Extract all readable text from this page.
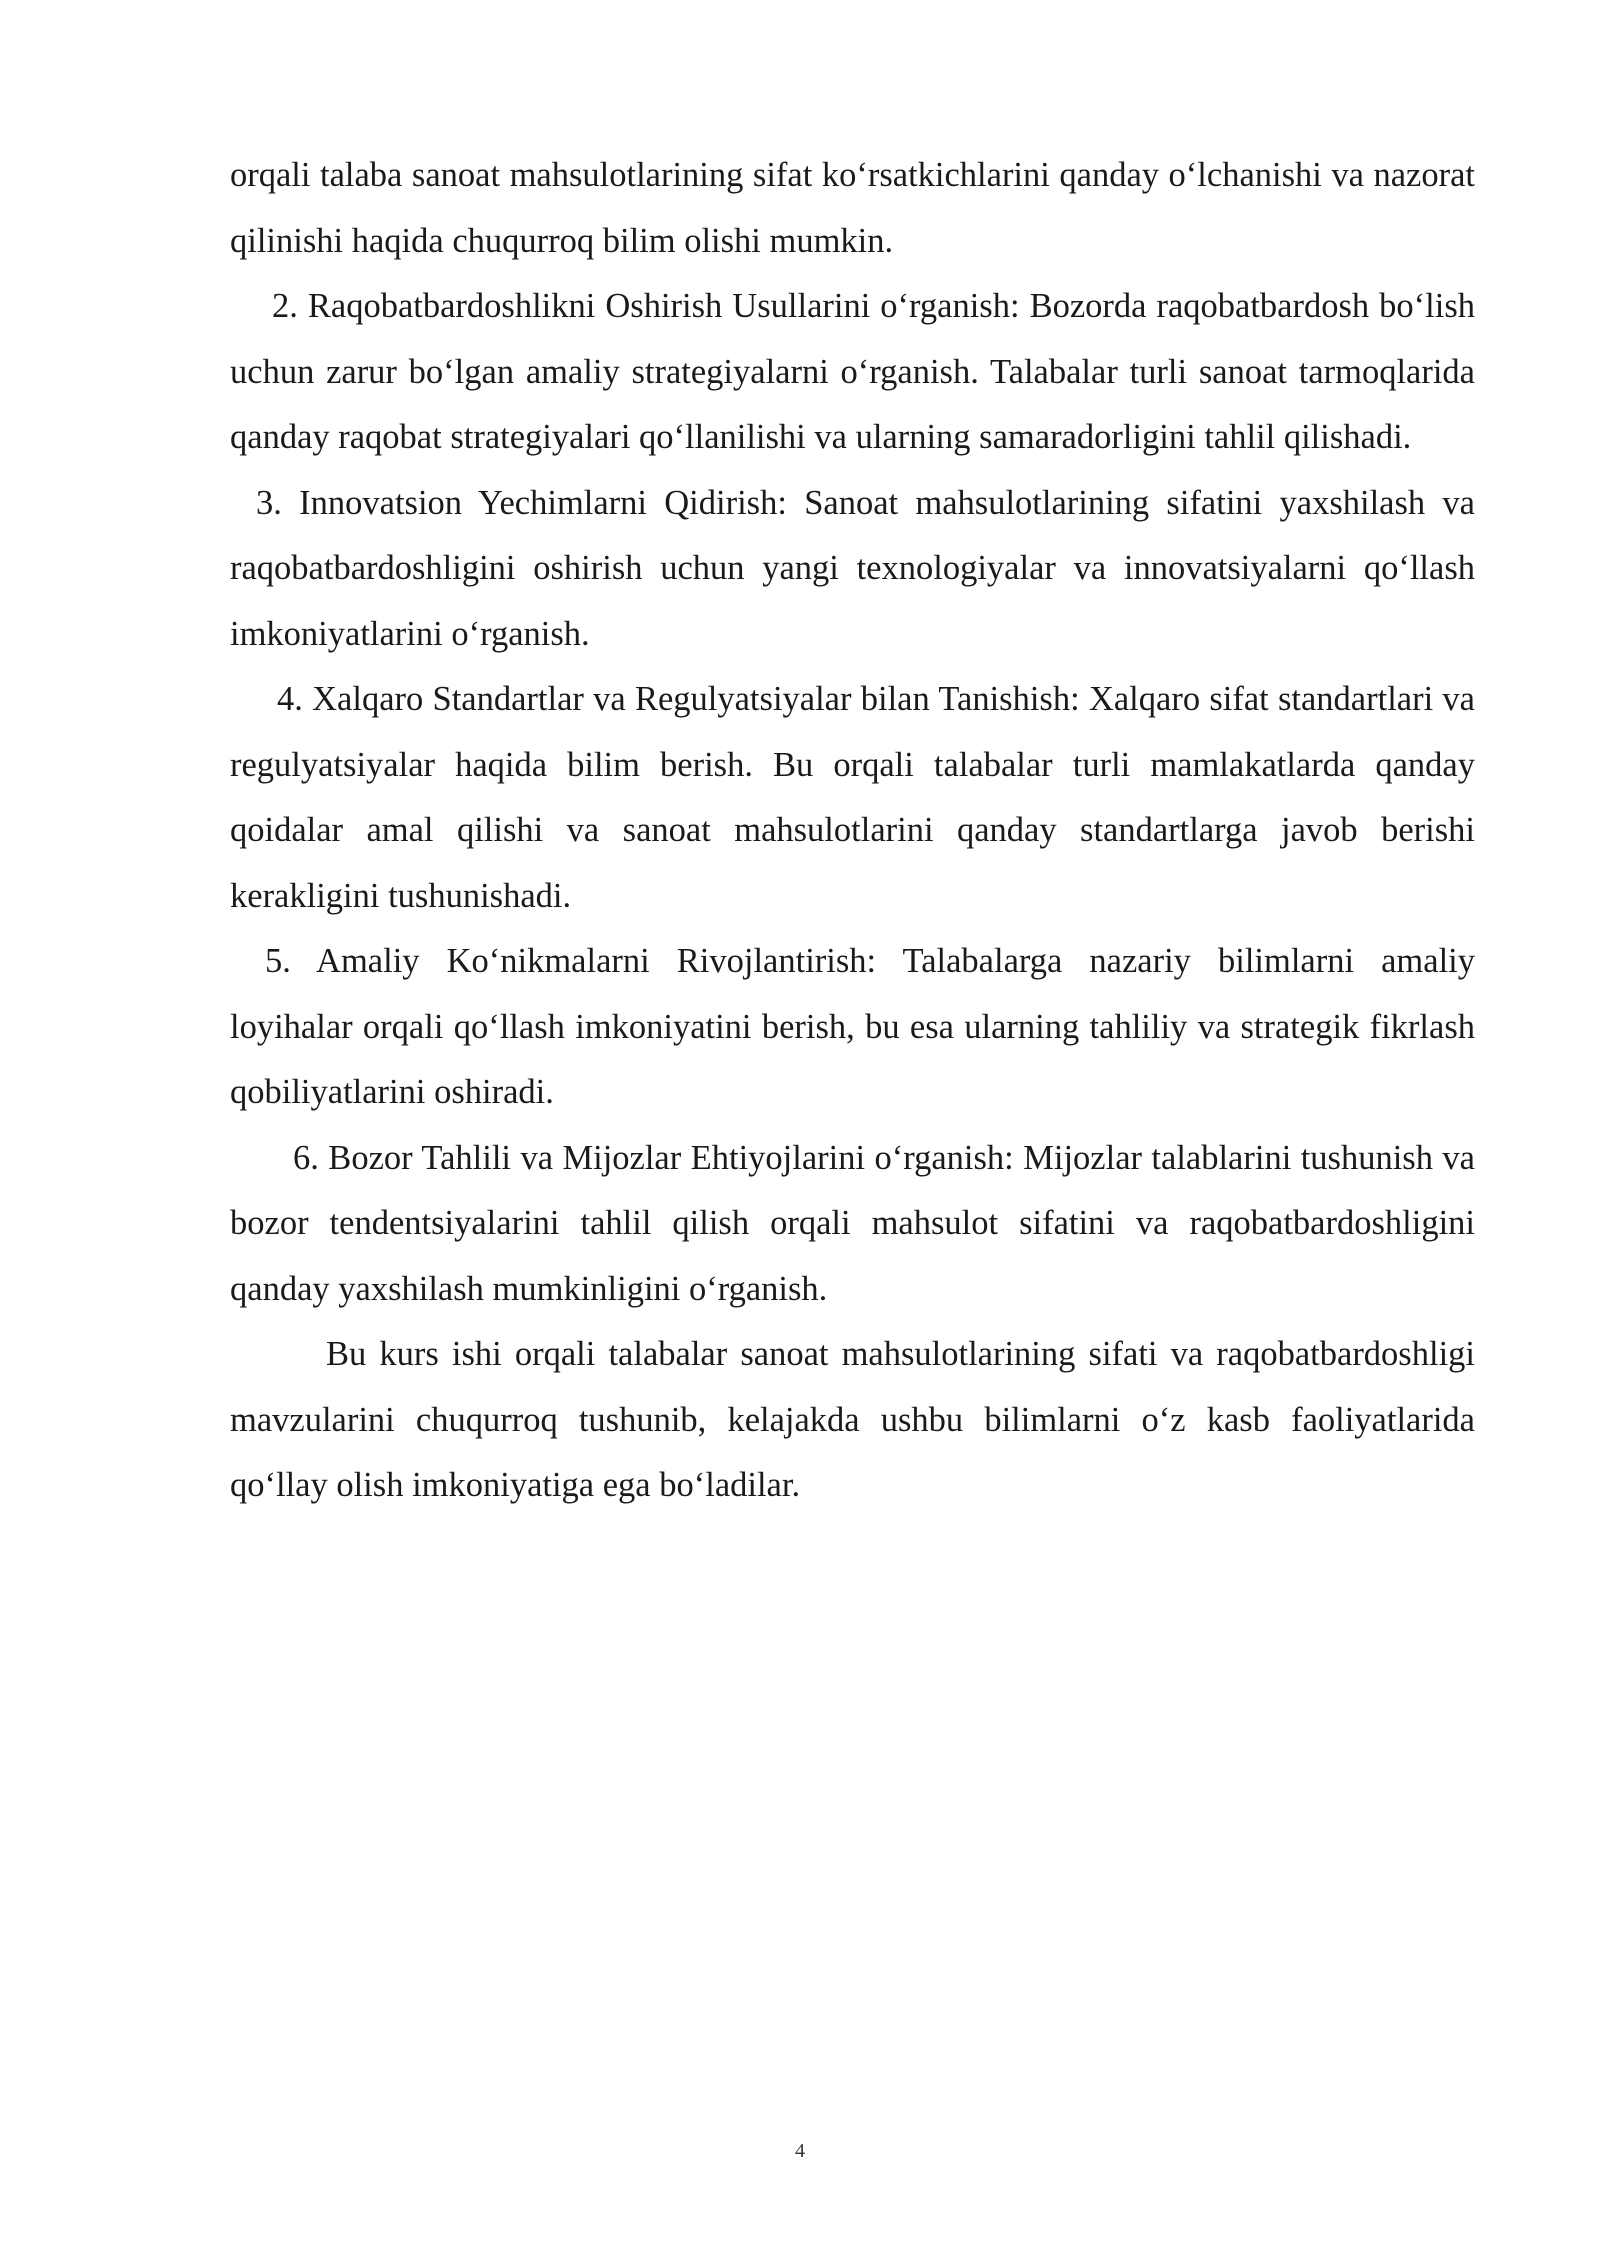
orqali talaba sanoat mahsulotlarining sifat ko‘rsatkichlarini qanday o‘lchanishi va nazorat qilinishi haqida chuqurroq bilim olishi mumkin.

2. Raqobatbardoshlikni Oshirish Usullarini o‘rganish: Bozorda raqobatbardosh bo‘lish uchun zarur bo‘lgan amaliy strategiyalarni o‘rganish. Talabalar turli sanoat tarmoqlarida qanday raqobat strategiyalari qo‘llanilishi va ularning samaradorligini tahlil qilishadi.

3. Innovatsion Yechimlarni Qidirish: Sanoat mahsulotlarining sifatini yaxshilash va raqobatbardoshligini oshirish uchun yangi texnologiyalar va innovatsiyalarni qo‘llash imkoniyatlarini o‘rganish.

4. Xalqaro Standartlar va Regulyatsiyalar bilan Tanishish: Xalqaro sifat standartlari va regulyatsiyalar haqida bilim berish. Bu orqali talabalar turli mamlakatlarda qanday qoidalar amal qilishi va sanoat mahsulotlarini qanday standartlarga javob berishi kerakligini tushunishadi.

5. Amaliy Ko‘nikmalarni Rivojlantirish: Talabalarga nazariy bilimlarni amaliy loyihalar orqali qo‘llash imkoniyatini berish, bu esa ularning tahliliy va strategik fikrlash qobiliyatlarini oshiradi.

6. Bozor Tahlili va Mijozlar Ehtiyojlarini o‘rganish: Mijozlar talablarini tushunish va bozor tendentsiyalarini tahlil qilish orqali mahsulot sifatini va raqobatbardoshligini qanday yaxshilash mumkinligini o‘rganish.

Bu kurs ishi orqali talabalar sanoat mahsulotlarining sifati va raqobatbardoshligi mavzularini chuqurroq tushunib, kelajakda ushbu bilimlarni o‘z kasb faoliyatlarida qo‘llay olish imkoniyatiga ega bo‘ladilar.

4
